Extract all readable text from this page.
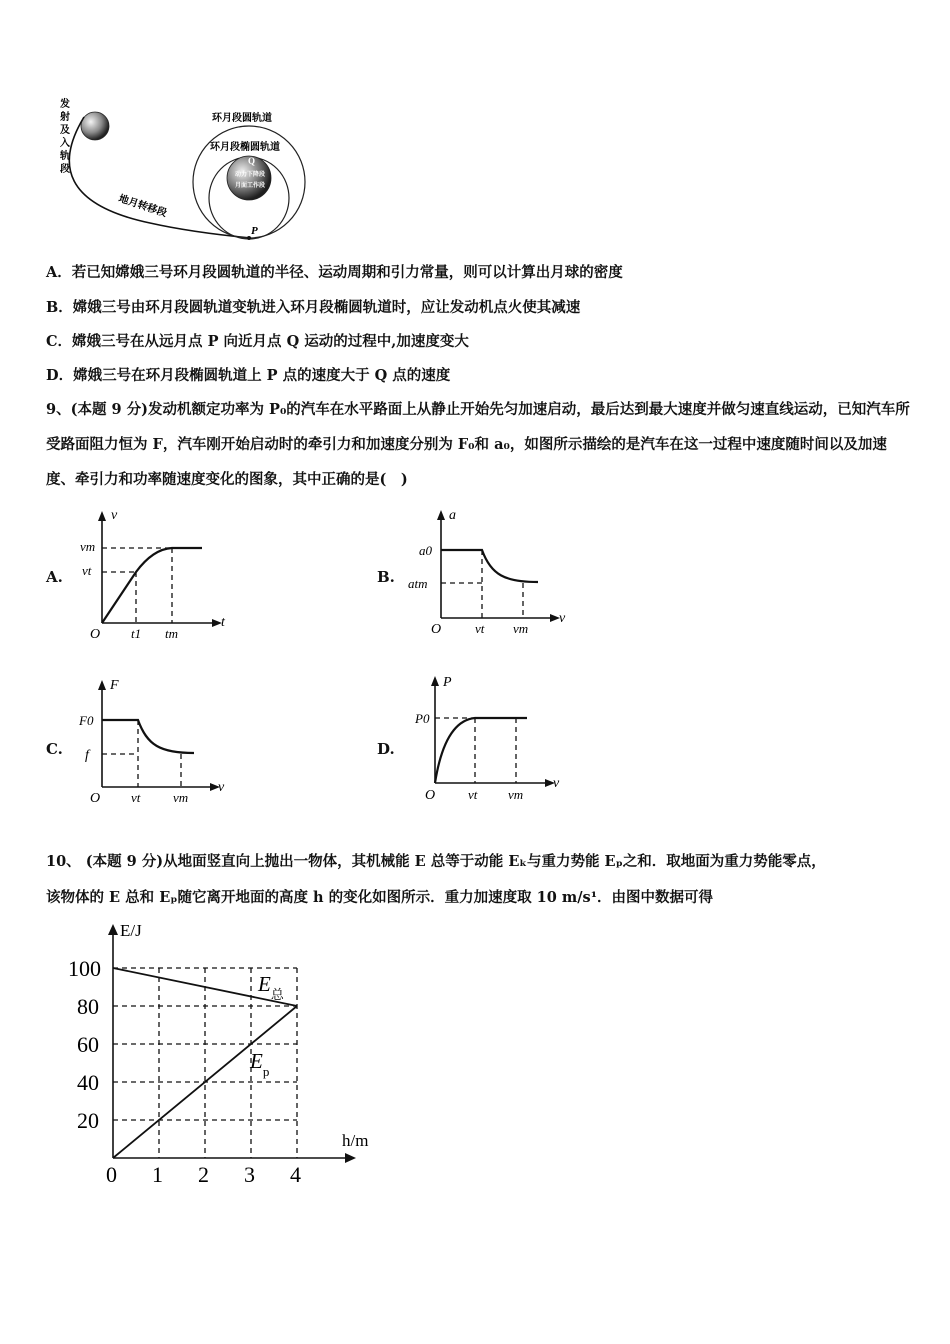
发射及入轨段
环月段圆轨道
环月段椭圆轨道
地月转移段
P
Q
动力下降段
月面工作段
A．若已知嫦娥三号环月段圆轨道的半径、运动周期和引力常量，则可以计算出月球的密度
B．嫦娥三号由环月段圆轨道变轨进入环月段椭圆轨道时，应让发动机点火使其减速
C．嫦娥三号在从远月点 P 向近月点 Q 运动的过程中,加速度变大
D．嫦娥三号在环月段椭圆轨道上 P 点的速度大于 Q 点的速度
9、(本题 9 分)发动机额定功率为 P₀的汽车在水平路面上从静止开始先匀加速启动，最后达到最大速度并做匀速直线运动，已知汽车所受路面阻力恒为 F，汽车刚开始启动时的牵引力和加速度分别为 F₀和 a₀，如图所示描绘的是汽车在这一过程中速度随时间以及加速度、牵引力和功率随速度变化的图象，其中正确的是(　)
A.
v
t
vm
vt
t1 tm
O
B.
a
v
a0
atm
vt vm
O
C.
F
v
F0
f
vt	vm
O
D.
P
v
P0
vt vm
O
10、 (本题 9 分)从地面竖直向上抛出一物体，其机械能 E 总等于动能 Eₖ与重力势能 Eₚ之和．取地面为重力势能零点，
该物体的 E 总和 Eₚ随它离开地面的高度 h 的变化如图所示．重力加速度取 10 m/s¹．由图中数据可得
$E_总$
$E_p$
0 1 2 3 4
20
40
60
80
100
E/J
h/m
